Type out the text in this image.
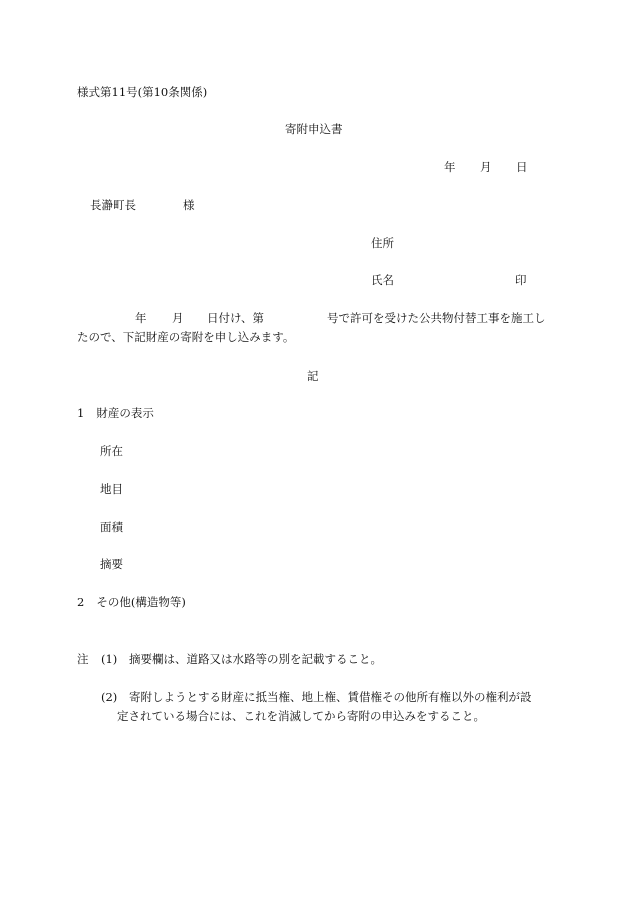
様式第11号(第10条関係)
寄附申込書
年 月 日
長瀞町長	様
住所
氏名	印
年 月 日付け、第	号で許可を受けた公共物付替工事を施工し
たので、下記財産の寄附を申し込みます。
記
1 財産の表示
所在
地目
面積
摘要
2 その他(構造物等)
注 (1) 摘要欄は、道路又は水路等の別を記載すること。
(2) 寄附しようとする財産に抵当権、地上権、賃借権その他所有権以外の権利が設
定されている場合には、これを消滅してから寄附の申込みをすること。
